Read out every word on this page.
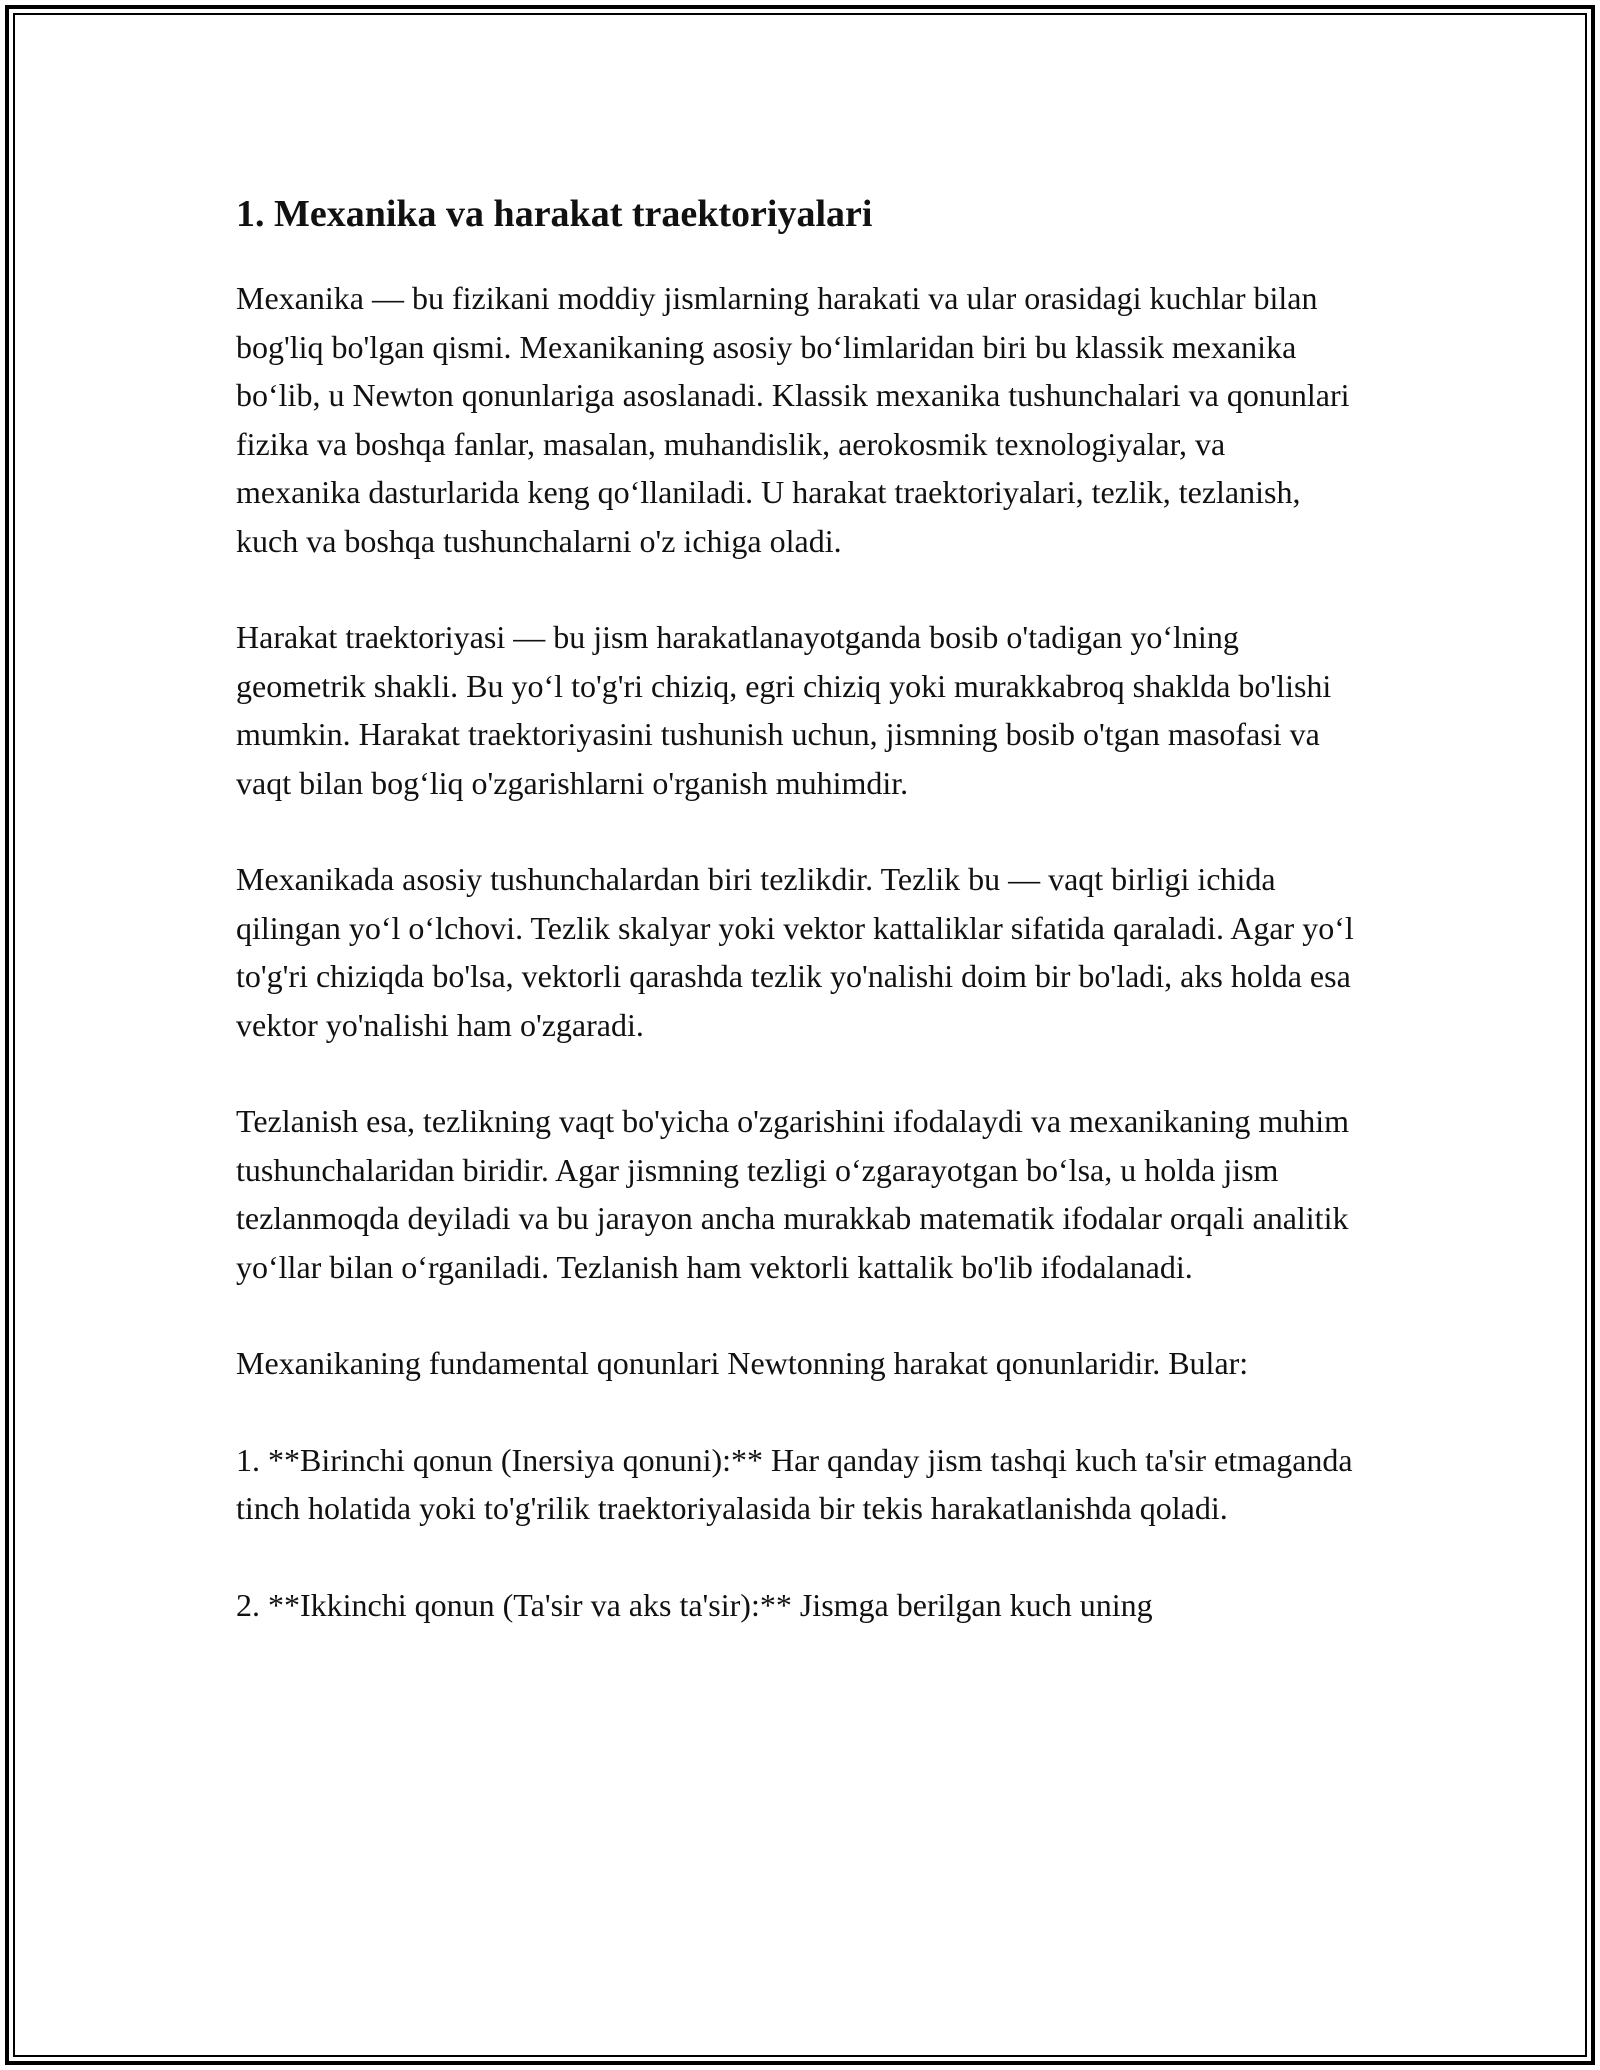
1. Mexanika va harakat traektoriyalari

Mexanika — bu fizikani moddiy jismlarning harakati va ular orasidagi kuchlar bilan bog'liq bo'lgan qismi. Mexanikaning asosiy bo‘limlaridan biri bu klassik mexanika bo‘lib, u Newton qonunlariga asoslanadi. Klassik mexanika tushunchalari va qonunlari fizika va boshqa fanlar, masalan, muhandislik, aerokosmik texnologiyalar, va mexanika dasturlarida keng qo‘llaniladi. U harakat traektoriyalari, tezlik, tezlanish, kuch va boshqa tushunchalarni o'z ichiga oladi.

Harakat traektoriyasi — bu jism harakatlanayotganda bosib o'tadigan yo‘lning geometrik shakli. Bu yo‘l to'g'ri chiziq, egri chiziq yoki murakkabroq shaklda bo'lishi mumkin. Harakat traektoriyasini tushunish uchun, jismning bosib o'tgan masofasi va vaqt bilan bog‘liq o'zgarishlarni o'rganish muhimdir.

Mexanikada asosiy tushunchalardan biri tezlikdir. Tezlik bu — vaqt birligi ichida qilingan yo‘l o‘lchovi. Tezlik skalyar yoki vektor kattaliklar sifatida qaraladi. Agar yo‘l to'g'ri chiziqda bo'lsa, vektorli qarashda tezlik yo'nalishi doim bir bo'ladi, aks holda esa vektor yo'nalishi ham o'zgaradi.

Tezlanish esa, tezlikning vaqt bo'yicha o'zgarishini ifodalaydi va mexanikaning muhim tushunchalaridan biridir. Agar jismning tezligi o‘zgarayotgan bo‘lsa, u holda jism tezlanmoqda deyiladi va bu jarayon ancha murakkab matematik ifodalar orqali analitik yo‘llar bilan o‘rganiladi. Tezlanish ham vektorli kattalik bo'lib ifodalanadi.

Mexanikaning fundamental qonunlari Newtonning harakat qonunlaridir. Bular:

1. **Birinchi qonun (Inersiya qonuni):** Har qanday jism tashqi kuch ta'sir etmaganda tinch holatida yoki to'g'rilik traektoriyalasida bir tekis harakatlanishda qoladi.

2. **Ikkinchi qonun (Ta'sir va aks ta'sir):** Jismga berilgan kuch uning
